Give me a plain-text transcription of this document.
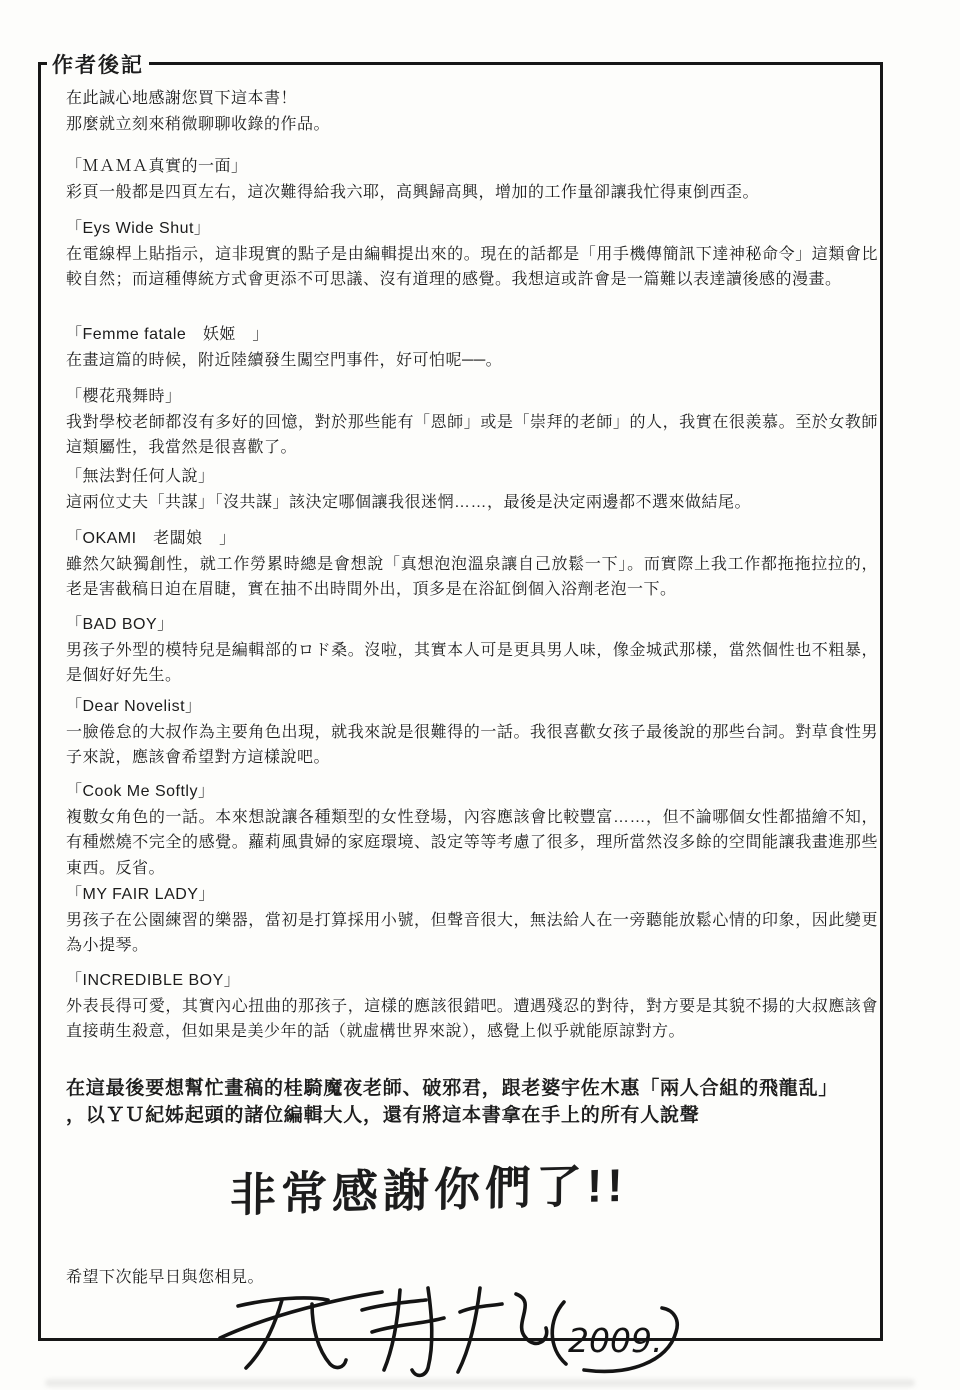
作者後記
在此誠心地感謝您買下這本書！
那麼就立刻來稍微聊聊收錄的作品。
「ＭＡＭＡ真實的一面」
彩頁一般都是四頁左右，這次難得給我六耶，高興歸高興，增加的工作量卻讓我忙得東倒西歪。
「Eys Wide Shut」
在電線桿上貼指示，這非現實的點子是由編輯提出來的。現在的話都是「用手機傳簡訊下達神秘命令」這類會比較自然；而這種傳統方式會更添不可思議、沒有道理的感覺。我想這或許會是一篇難以表達讀後感的漫畫。
「Femme fatale　妖姬　」
在畫這篇的時候，附近陸續發生闖空門事件，好可怕呢──。
「櫻花飛舞時」
我對學校老師都沒有多好的回憶，對於那些能有「恩師」或是「崇拜的老師」的人，我實在很羨慕。至於女教師這類屬性，我當然是很喜歡了。
「無法對任何人說」
這兩位丈夫「共謀」「沒共謀」該決定哪個讓我很迷惘……，最後是決定兩邊都不選來做結尾。
「OKAMI　老闆娘　」
雖然欠缺獨創性，就工作勞累時總是會想說「真想泡泡溫泉讓自己放鬆一下」。而實際上我工作都拖拖拉拉的，老是害截稿日迫在眉睫，實在抽不出時間外出，頂多是在浴缸倒個入浴劑老泡一下。
「BAD BOY」
男孩子外型的模特兒是編輯部的ロド桑。沒啦，其實本人可是更具男人味，像金城武那樣，當然個性也不粗暴，是個好好先生。
「Dear Novelist」
一臉倦怠的大叔作為主要角色出現，就我來說是很難得的一話。我很喜歡女孩子最後說的那些台詞。對草食性男子來說，應該會希望對方這樣說吧。
「Cook Me Softly」
複數女角色的一話。本來想說讓各種類型的女性登場，內容應該會比較豐富……，但不論哪個女性都描繪不知，有種燃燒不完全的感覺。蘿莉風貴婦的家庭環境、設定等等考慮了很多，理所當然沒多餘的空間能讓我畫進那些東西。反省。
「MY FAIR LADY」
男孩子在公園練習的樂器，當初是打算採用小號，但聲音很大，無法給人在一旁聽能放鬆心情的印象，因此變更為小提琴。
「INCREDIBLE BOY」
外表長得可愛，其實內心扭曲的那孩子，這樣的應該很錯吧。遭遇殘忍的對待，對方要是其貌不揚的大叔應該會直接萌生殺意，但如果是美少年的話（就虛構世界來說），感覺上似乎就能原諒對方。
在這最後要想幫忙畫稿的桂騎魔夜老師、破邪君，跟老婆宇佐木惠「兩人合組的飛龍乱」
，以ＹＵ紀姊起頭的諸位編輯大人，還有將這本書拿在手上的所有人說聲
非常感謝你們了!!
希望下次能早日與您相見。
2009.
